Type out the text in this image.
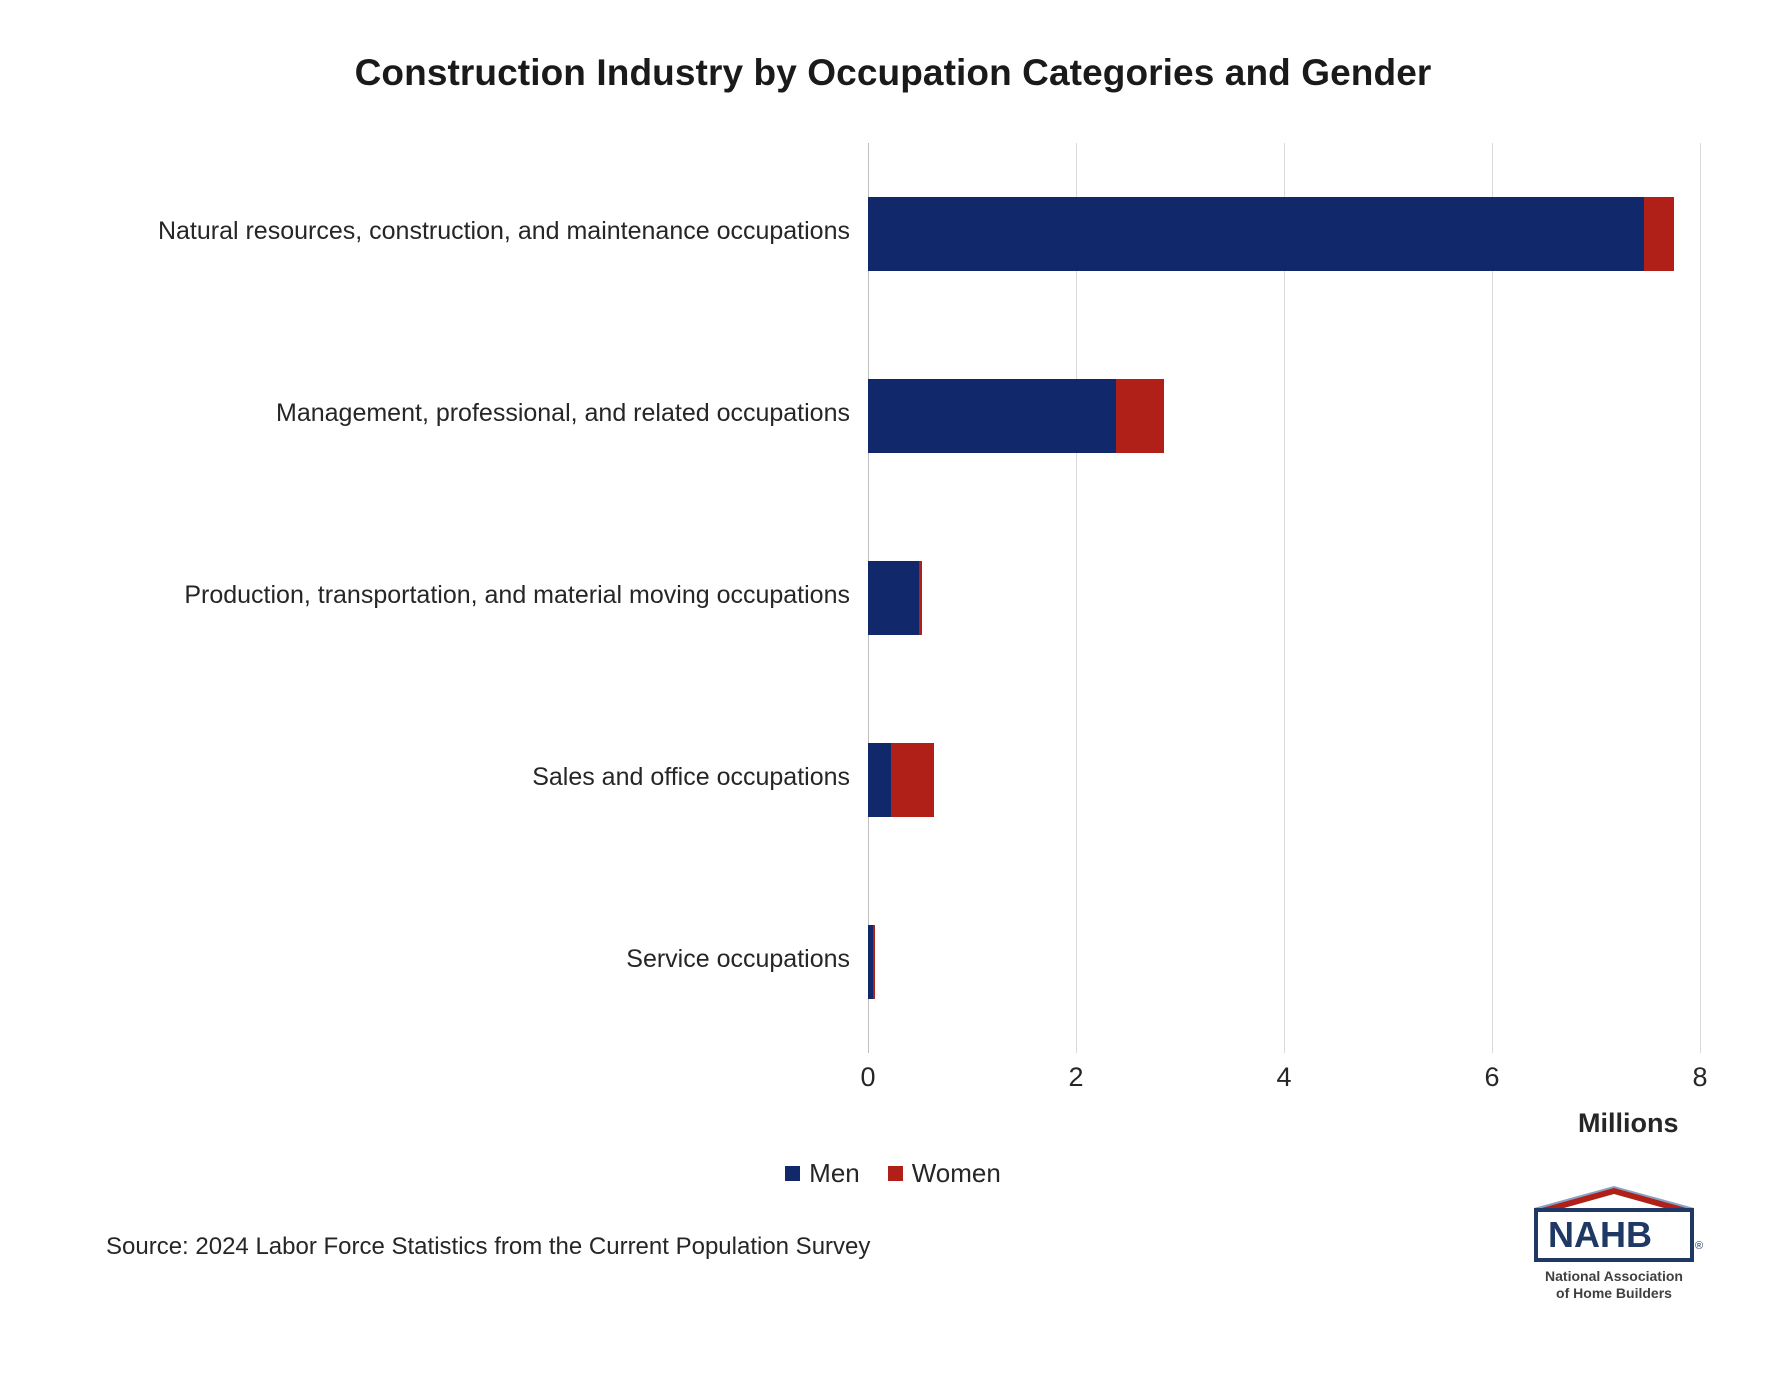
Construction Industry by Occupation Categories and Gender
Natural resources, construction, and maintenance occupations
Management, professional, and related occupations
Production, transportation, and material moving occupations
Sales and office occupations
Service occupations
0	2	4	6	8
Millions
Men Women
Source: 2024 Labor Force Statistics from the Current Population Survey	NAHB	®
National Association
of Home Builders
